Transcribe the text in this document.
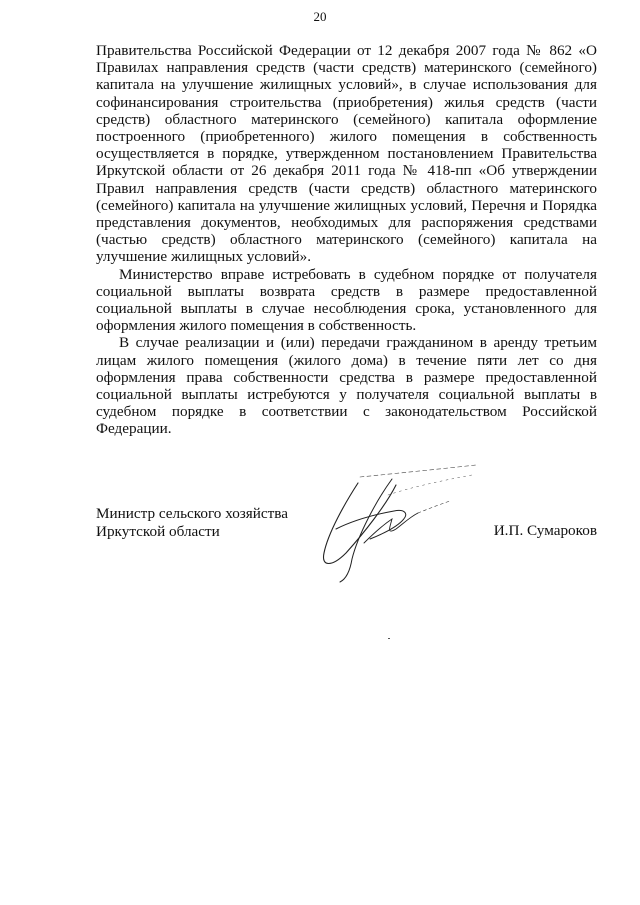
20

Правительства Российской Федерации от 12 декабря 2007 года № 862 «О Правилах направления средств (части средств) материнского (семейного) капитала на улучшение жилищных условий», в случае использования для софинансирования строительства (приобретения) жилья средств (части средств) областного материнского (семейного) капитала оформление построенного (приобретенного) жилого помещения в собственность осуществляется в порядке, утвержденном постановлением Правительства Иркутской области от 26 декабря 2011 года № 418-пп «Об утверждении Правил направления средств (части средств) областного материнского (семейного) капитала на улучшение жилищных условий, Перечня и Порядка представления документов, необходимых для распоряжения средствами (частью средств) областного материнского (семейного) капитала на улучшение жилищных условий».

Министерство вправе истребовать в судебном порядке от получателя социальной выплаты возврата средств в размере предоставленной социальной выплаты в случае несоблюдения срока, установленного для оформления жилого помещения в собственность.

В случае реализации и (или) передачи гражданином в аренду третьим лицам жилого помещения (жилого дома) в течение пяти лет со дня оформления права собственности средства в размере предоставленной социальной выплаты истребуются у получателя социальной выплаты в судебном порядке в соответствии с законодательством Российской Федерации.

Министр сельского хозяйства
Иркутской области	И.П. Сумароков
